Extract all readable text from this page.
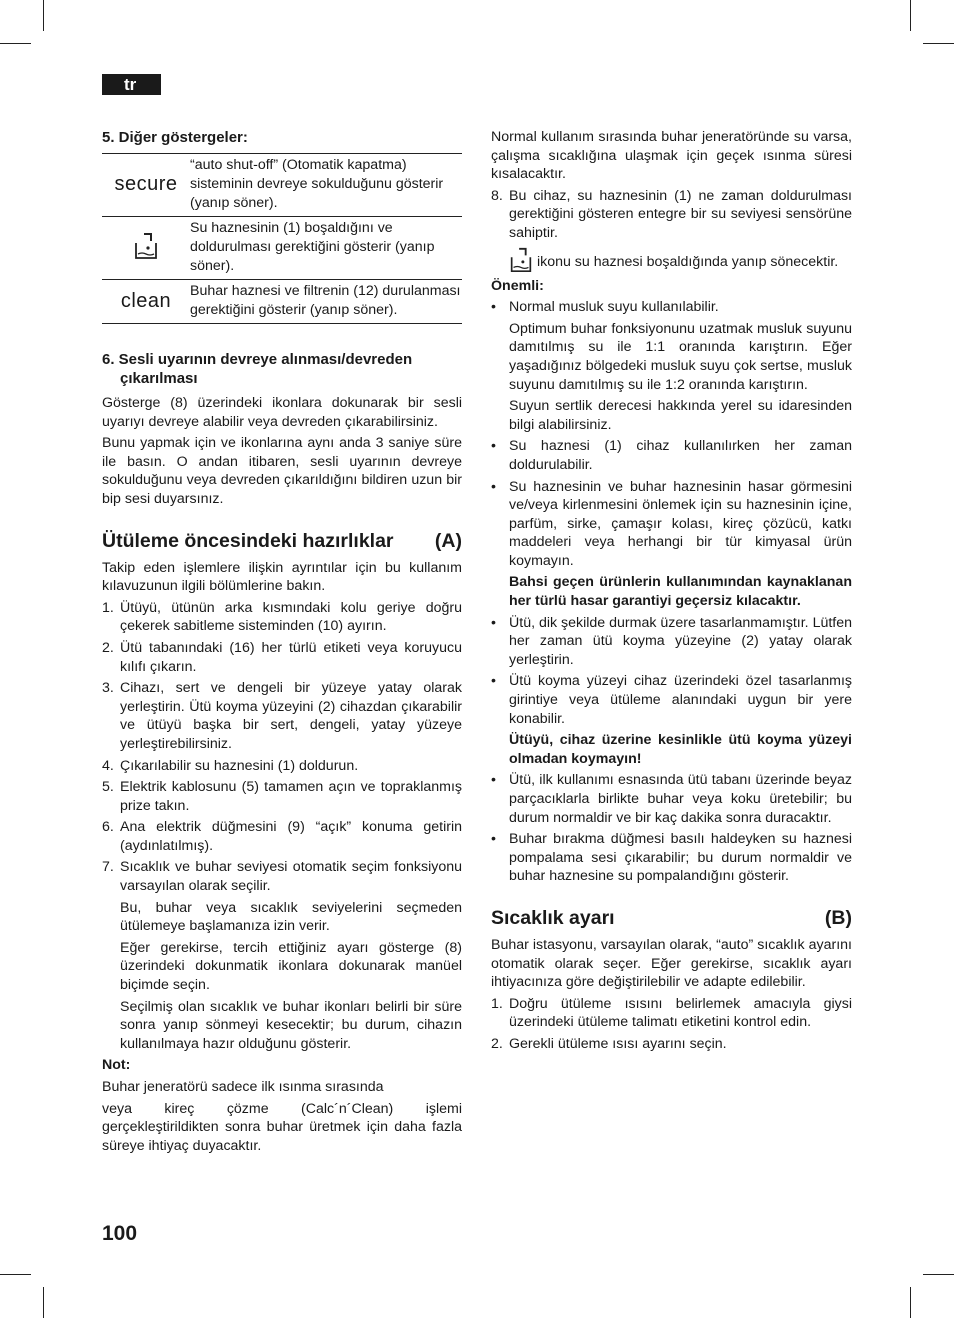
tr
5. Diğer göstergeler:
secure	“auto shut-off” (Otomatik kapatma) sisteminin devreye sokulduğunu gösterir (yanıp söner).
	Su haznesinin (1) boşaldığını ve doldurulması gerektiğini gösterir (yanıp söner).
clean	Buhar haznesi ve filtrenin (12) durulanması gerektiğini gösterir (yanıp söner).
6. Sesli uyarının devreye alınması/devreden çıkarılması

Gösterge (8) üzerindeki ikonlara dokunarak bir sesli uyarıyı devreye alabilir veya devreden çıkarabilirsiniz.

Bunu yapmak için ve ikonlarına aynı anda 3 saniye süre ile basın. O andan itibaren, sesli uyarının devreye sokulduğunu veya devreden çıkarıldığını bildiren uzun bir bip sesi duyarsınız.

Ütüleme öncesindeki hazırlıklar (A)

Takip eden işlemlere ilişkin ayrıntılar için bu kullanım kılavuzunun ilgili bölümlerine bakın.

1. Ütüyü, ütünün arka kısmındaki kolu geriye doğru çekerek sabitleme sisteminden (10) ayırın.
2. Ütü tabanındaki (16) her türlü etiketi veya koruyucu kılıfı çıkarın.
3. Cihazı, sert ve dengeli bir yüzeye yatay olarak yerleştirin. Ütü koyma yüzeyini (2) cihazdan çıkarabilir ve ütüyü başka bir sert, dengeli, yatay yüzeye yerleştirebilirsiniz.
4. Çıkarılabilir su haznesini (1) doldurun.
5. Elektrik kablosunu (5) tamamen açın ve topraklanmış prize takın.
6. Ana elektrik düğmesini (9) “açık” konuma getirin (aydınlatılmış).
7. Sıcaklık ve buhar seviyesi otomatik seçim fonksiyonu varsayılan olarak seçilir.

Bu, buhar veya sıcaklık seviyelerini seçmeden ütülemeye başlamanıza izin verir.

Eğer gerekirse, tercih ettiğiniz ayarı gösterge (8) üzerindeki dokunmatik ikonlara dokunarak manüel biçimde seçin.

Seçilmiş olan sıcaklık ve buhar ikonları belirli bir süre sonra yanıp sönmeyi kesecektir; bu durum, cihazın kullanılmaya hazır olduğunu gösterir.

Not:

Buhar jeneratörü sadece ilk ısınma sırasında

veya kireç çözme (Calc´n´Clean) işlemi gerçekleştirildikten sonra buhar üretmek için daha fazla süreye ihtiyaç duyacaktır.

Normal kullanım sırasında buhar jeneratöründe su varsa, çalışma sıcaklığına ulaşmak için geçek ısınma süresi kısalacaktır.

8. Bu cihaz, su haznesinin (1) ne zaman doldurulması gerektiğini gösteren entegre bir su seviyesi sensörüne sahiptir.

ikonu su haznesi boşaldığında yanıp sönecektir.

Önemli:

• Normal musluk suyu kullanılabilir.

Optimum buhar fonksiyonunu uzatmak musluk suyunu damıtılmış su ile 1:1 oranında karıştırın. Eğer yaşadığınız bölgedeki musluk suyu çok sertse, musluk suyunu damıtılmış su ile 1:2 oranında karıştırın.

Suyun sertlik derecesi hakkında yerel su idaresinden bilgi alabilirsiniz.

• Su haznesi (1) cihaz kullanılırken her zaman doldurulabilir.
• Su haznesinin ve buhar haznesinin hasar görmesini ve/veya kirlenmesini önlemek için su haznesinin içine, parfüm, sirke, çamaşır kolası, kireç çözücü, katkı maddeleri veya herhangi bir tür kimyasal ürün koymayın.

Bahsi geçen ürünlerin kullanımından kaynaklanan her türlü hasar garantiyi geçersiz kılacaktır.

• Ütü, dik şekilde durmak üzere tasarlanmamıştır. Lütfen her zaman ütü koyma yüzeyine (2) yatay olarak yerleştirin.
• Ütü koyma yüzeyi cihaz üzerindeki özel tasarlanmış girintiye veya ütüleme alanındaki uygun bir yere konabilir.

Ütüyü, cihaz üzerine kesinlikle ütü koyma yüzeyi olmadan koymayın!

• Ütü, ilk kullanımı esnasında ütü tabanı üzerinde beyaz parçacıklarla birlikte buhar veya koku üretebilir; bu durum normaldir ve bir kaç dakika sonra duracaktır.
• Buhar bırakma düğmesi basılı haldeyken su haznesi pompalama sesi çıkarabilir; bu durum normaldir ve buhar haznesine su pompalandığını gösterir.
Sıcaklık ayarı	(B)

Buhar istasyonu, varsayılan olarak, “auto” sıcaklık ayarını otomatik olarak seçer. Eğer gerekirse, sıcaklık ayarı ihtiyacınıza göre değiştirilebilir ve adapte edilebilir.

1. Doğru ütüleme ısısını belirlemek amacıyla giysi üzerindeki ütüleme talimatı etiketini kontrol edin.
2. Gerekli ütüleme ısısı ayarını seçin.
100
